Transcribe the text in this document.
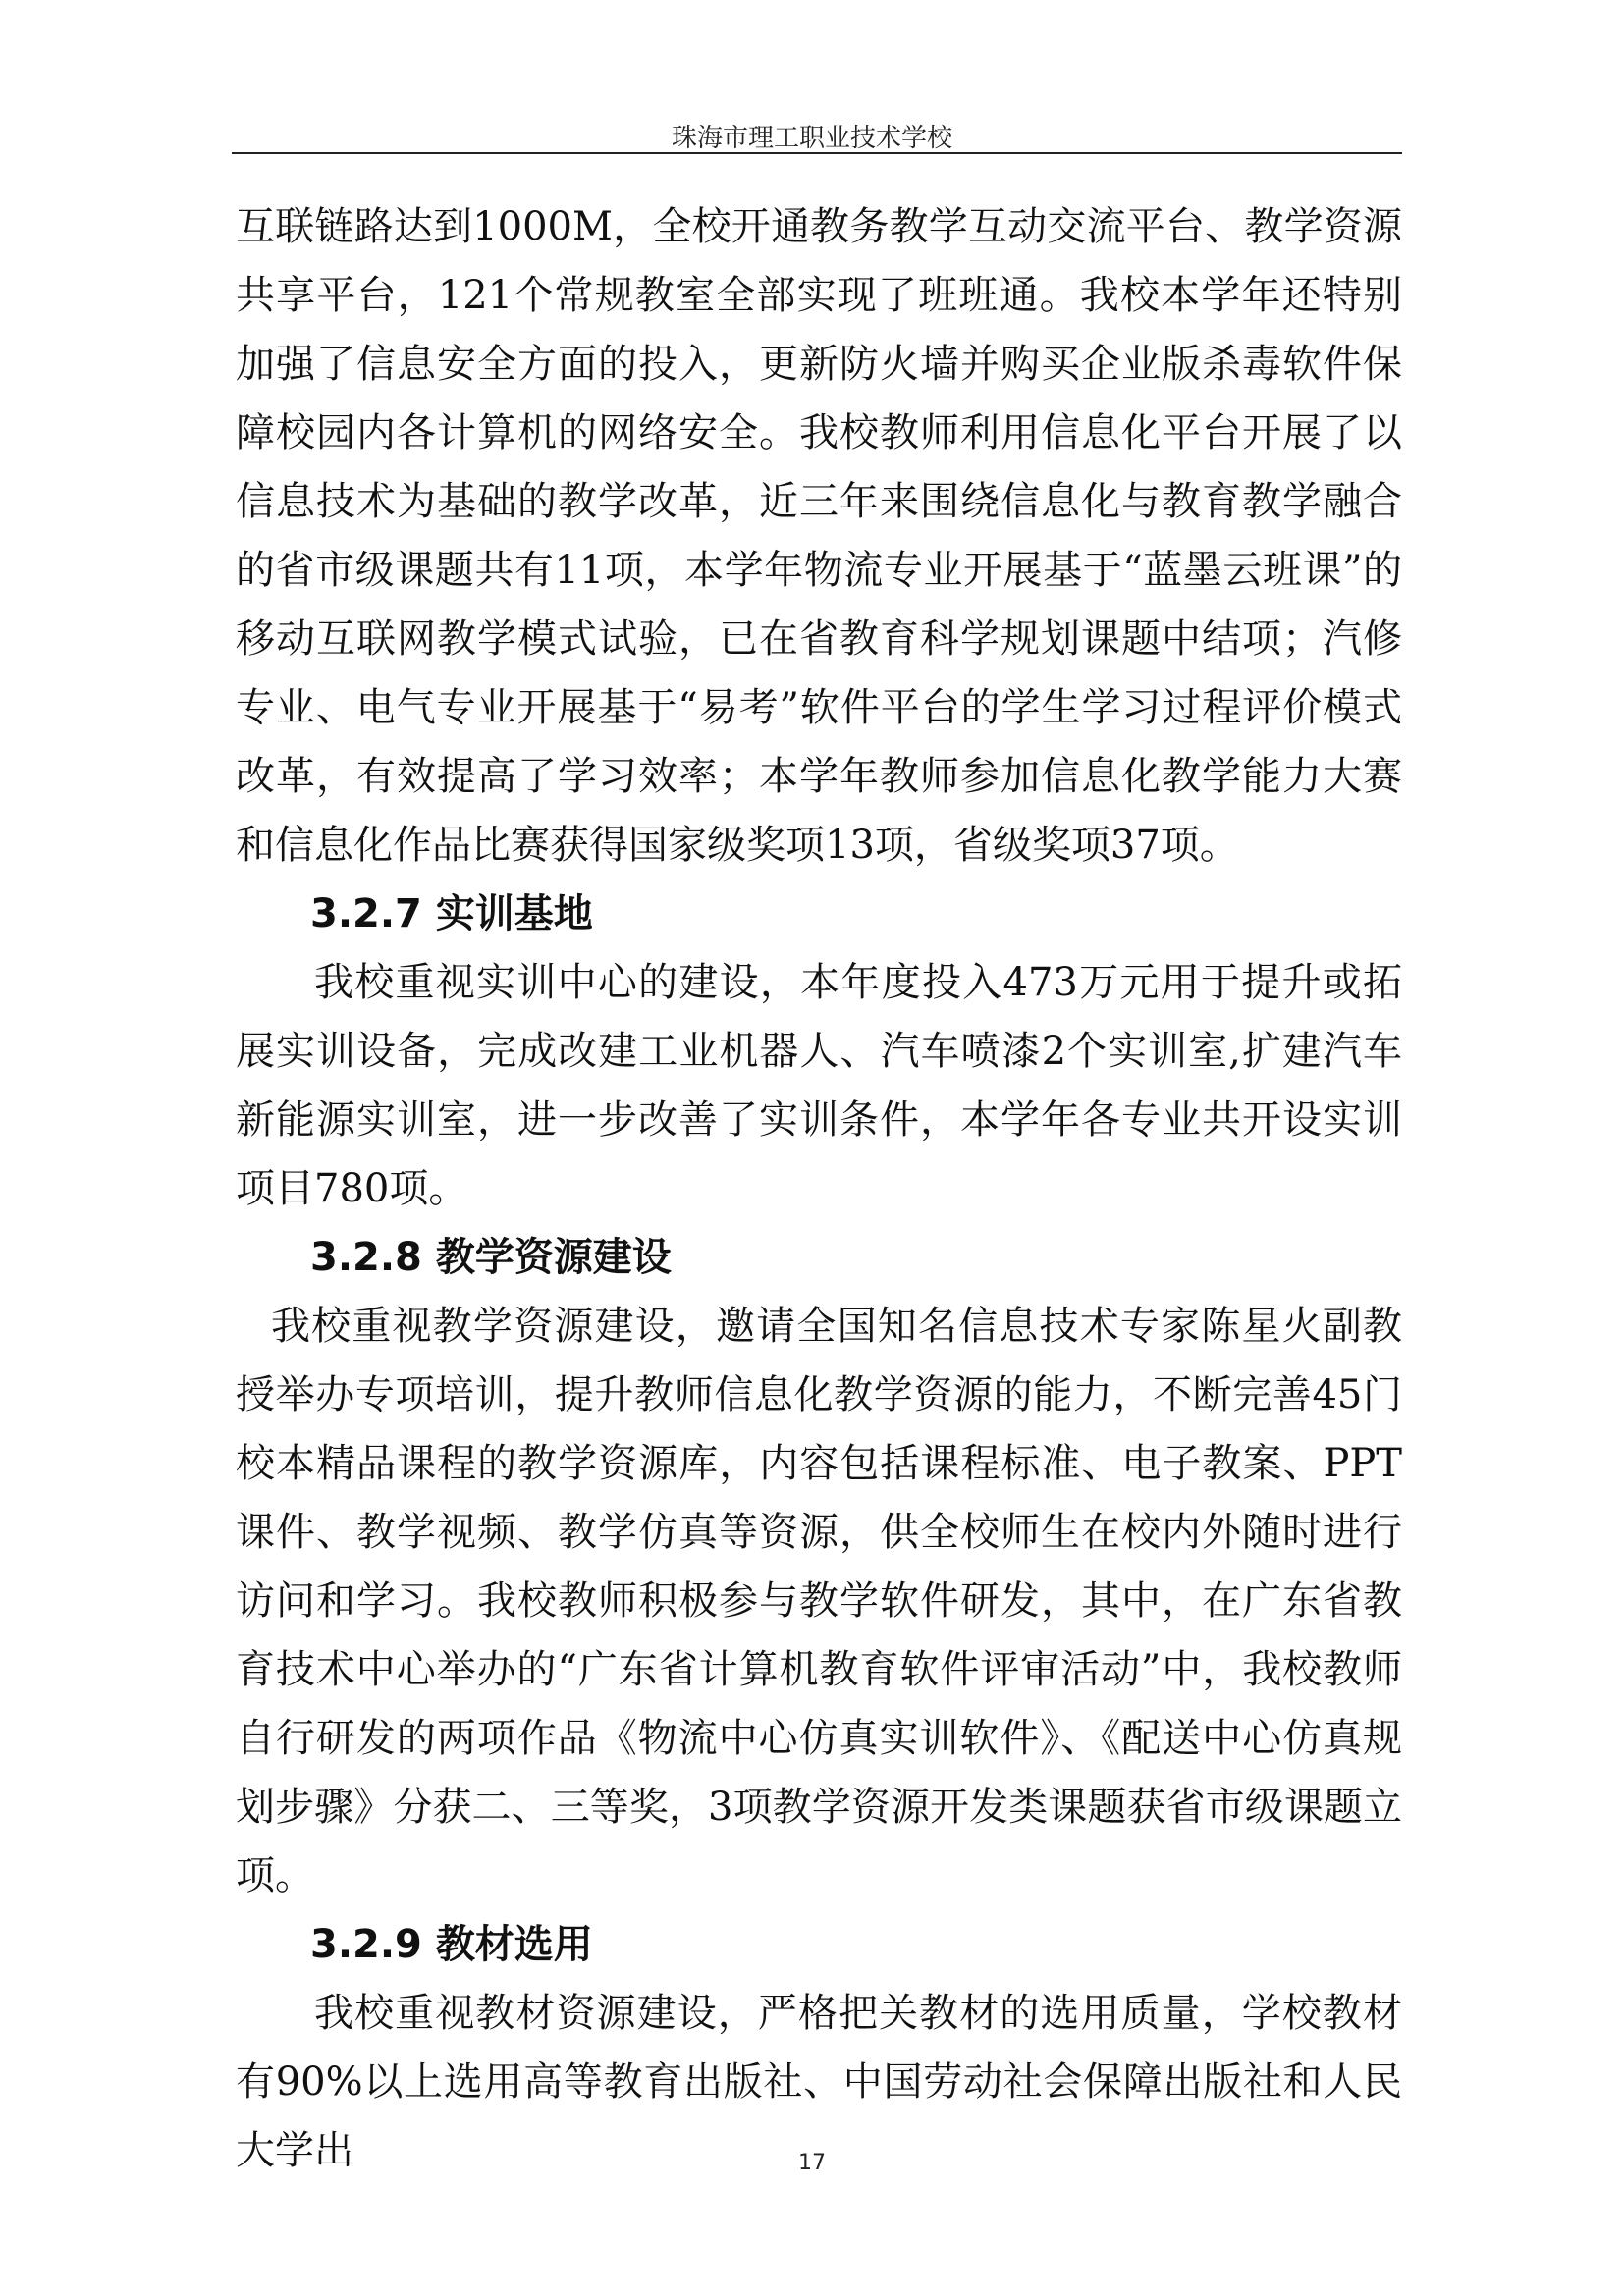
珠海市理工职业技术学校

互联链路达到1000M，全校开通教务教学互动交流平台、教学资源共享平台，121个常规教室全部实现了班班通。我校本学年还特别加强了信息安全方面的投入，更新防火墙并购买企业版杀毒软件保障校园内各计算机的网络安全。我校教师利用信息化平台开展了以信息技术为基础的教学改革，近三年来围绕信息化与教育教学融合的省市级课题共有11项，本学年物流专业开展基于“蓝墨云班课”的移动互联网教学模式试验，已在省教育科学规划课题中结项；汽修专业、电气专业开展基于“易考”软件平台的学生学习过程评价模式改革，有效提高了学习效率；本学年教师参加信息化教学能力大赛和信息化作品比赛获得国家级奖项13项，省级奖项37项。

3.2.7 实训基地

我校重视实训中心的建设，本年度投入473万元用于提升或拓展实训设备，完成改建工业机器人、汽车喷漆2个实训室,扩建汽车新能源实训室，进一步改善了实训条件，本学年各专业共开设实训项目780项。

3.2.8 教学资源建设

我校重视教学资源建设，邀请全国知名信息技术专家陈星火副教授举办专项培训，提升教师信息化教学资源的能力，不断完善45门校本精品课程的教学资源库，内容包括课程标准、电子教案、PPT课件、教学视频、教学仿真等资源，供全校师生在校内外随时进行访问和学习。我校教师积极参与教学软件研发，其中，在广东省教育技术中心举办的“广东省计算机教育软件评审活动”中，我校教师自行研发的两项作品《物流中心仿真实训软件》、《配送中心仿真规划步骤》分获二、三等奖，3项教学资源开发类课题获省市级课题立项。

3.2.9 教材选用

我校重视教材资源建设，严格把关教材的选用质量，学校教材有90%以上选用高等教育出版社、中国劳动社会保障出版社和人民大学出	17
